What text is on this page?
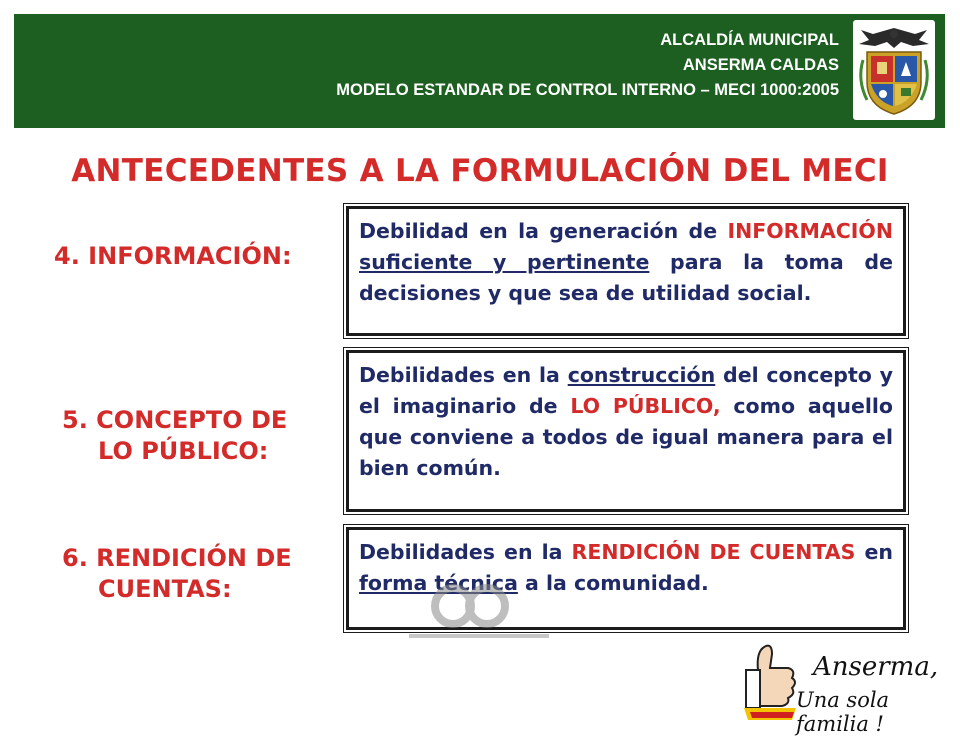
ALCALDÍA MUNICIPAL
ANSERMA CALDAS
MODELO ESTANDAR DE CONTROL INTERNO – MECI 1000:2005
ANTECEDENTES A LA FORMULACIÓN DEL MECI
4. INFORMACIÓN:
Debilidad en la generación de INFORMACIÓN suficiente y pertinente para la toma de decisiones y que sea de utilidad social.
5. CONCEPTO DE
LO PÚBLICO:
Debilidades en la construcción del concepto y el imaginario de LO PÚBLICO, como aquello que conviene a todos de igual manera para el bien común.
6. RENDICIÓN DE
CUENTAS:
Debilidades en la RENDICIÓN DE CUENTAS en forma técnica a la comunidad.
Anserma,
Una sola familia !
